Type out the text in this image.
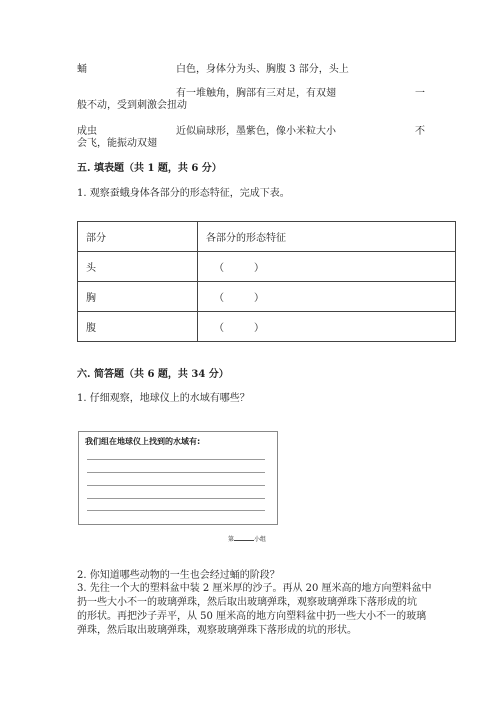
蛹	白色，身体分为头、胸腹 3 部分，头上
有一堆触角，胸部有三对足，有双翅	一
般不动，受到刺激会扭动
成虫	近似扁球形，墨紫色，像小米粒大小	不
会飞，能振动双翅
五. 填表题（共 1 题，共 6 分）
1. 观察蚕蛾身体各部分的形态特征，完成下表。
部分	各部分的形态特征
头	（　　　）
胸	（　　　）
腹	（　　　）
六. 简答题（共 6 题，共 34 分）
1. 仔细观察，地球仪上的水域有哪些？
我们组在地球仪上找到的水域有:
第	小组
2. 你知道哪些动物的一生也会经过蛹的阶段？
3. 先往一个大的塑料盆中装 2 厘米厚的沙子。再从 20 厘米高的地方向塑料盆中
扔一些大小不一的玻璃弹珠，然后取出玻璃弹珠，观察玻璃弹珠下落形成的坑
的形状。再把沙子弄平，从 50 厘米高的地方向塑料盆中扔一些大小不一的玻璃
弹珠，然后取出玻璃弹珠，观察玻璃弹珠下落形成的坑的形状。
